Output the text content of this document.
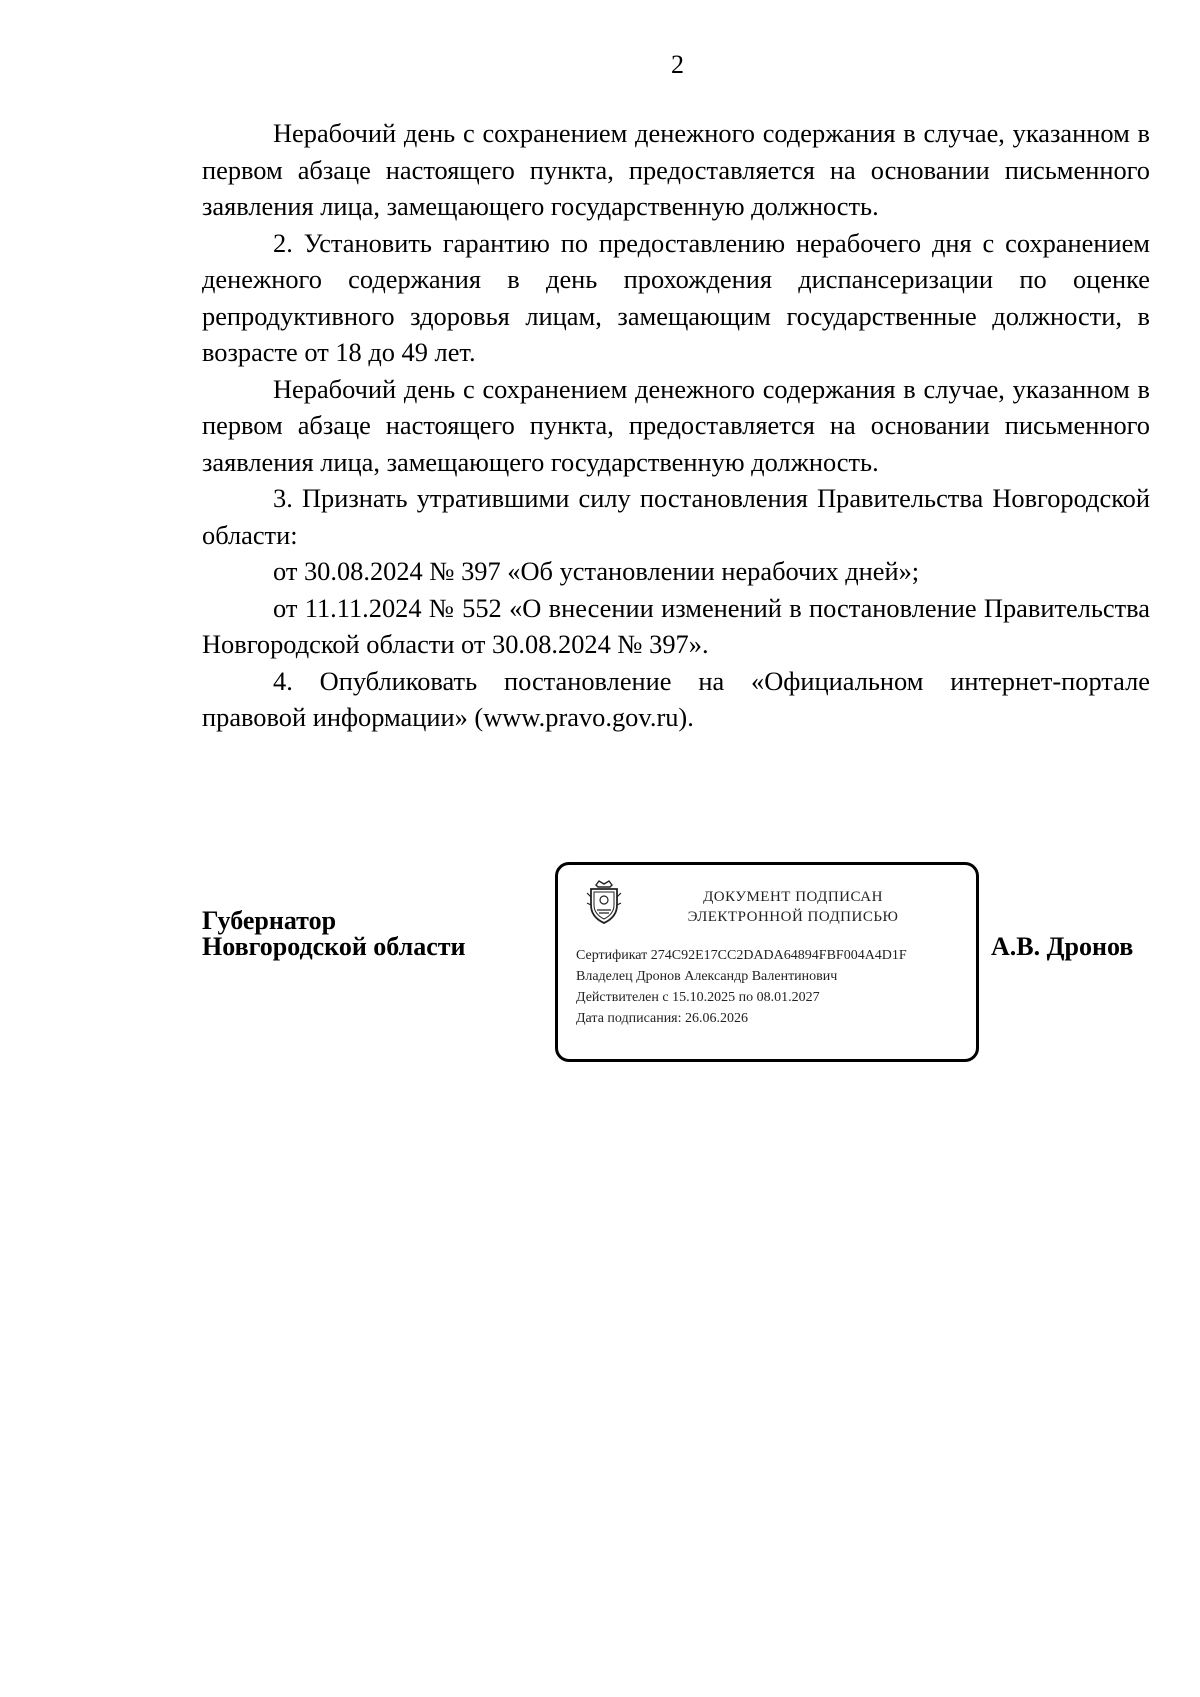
2

Нерабочий день с сохранением денежного содержания в случае, указанном в первом абзаце настоящего пункта, предоставляется на основании письменного заявления лица, замещающего государственную должность.

2. Установить гарантию по предоставлению нерабочего дня с сохранением денежного содержания в день прохождения диспансеризации по оценке репродуктивного здоровья лицам, замещающим государственные должности, в возрасте от 18 до 49 лет.

Нерабочий день с сохранением денежного содержания в случае, указанном в первом абзаце настоящего пункта, предоставляется на основании письменного заявления лица, замещающего государственную должность.

3. Признать утратившими силу постановления Правительства Новгородской области:

от 30.08.2024 № 397 «Об установлении нерабочих дней»;

от 11.11.2024 № 552 «О внесении изменений в постановление Правительства Новгородской области от 30.08.2024 № 397».

4. Опубликовать постановление на «Официальном интернет-портале правовой информации» (www.pravo.gov.ru).

Губернатор
Новгородской области
ДОКУМЕНТ ПОДПИСАН
ЭЛЕКТРОННОЙ ПОДПИСЬЮ
Сертификат 274C92E17CC2DADA64894FBF004A4D1F
Владелец Дронов Александр Валентинович
Действителен с 15.10.2025 по 08.01.2027
Дата подписания: 26.06.2026
А.В. Дронов
